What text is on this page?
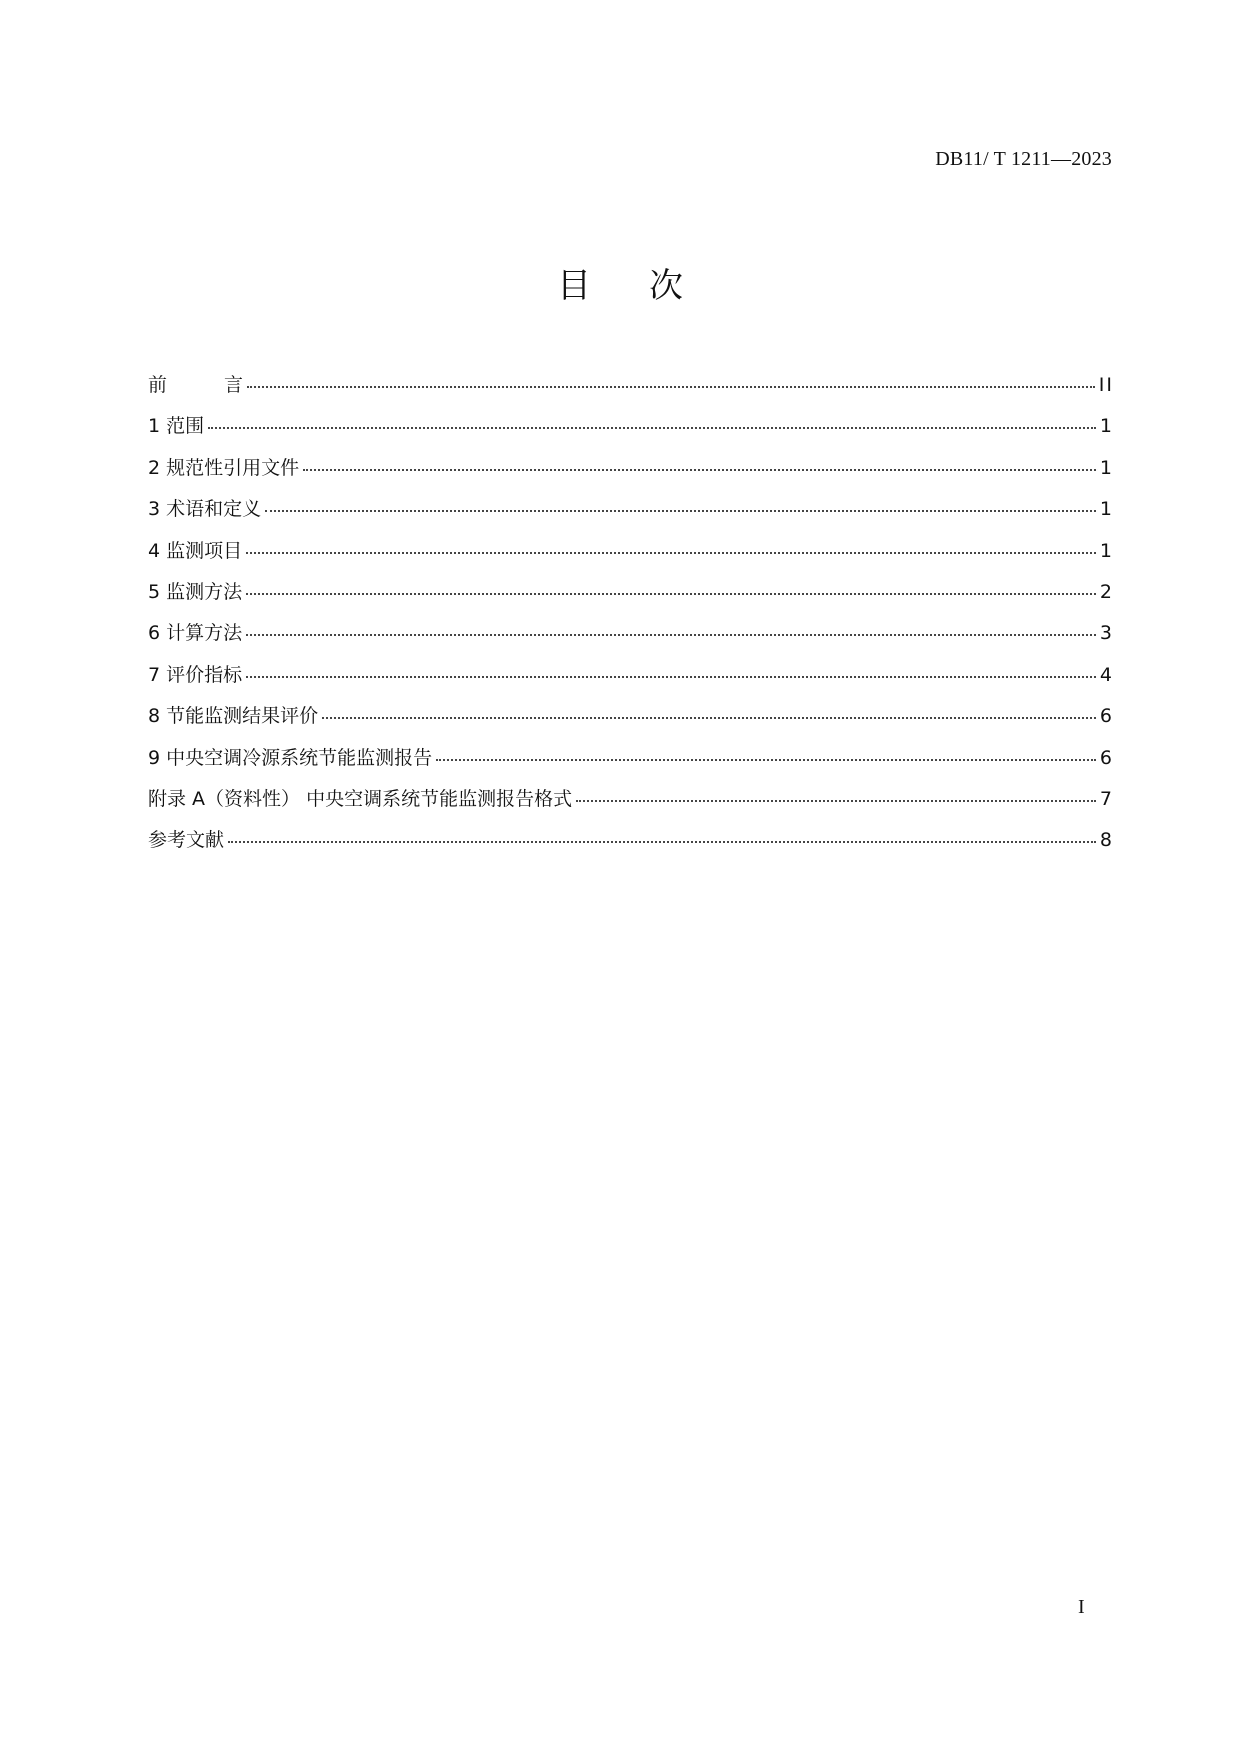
DB11/ T 1211—2023
目 次
前　　　言	II
1 范围	1
2 规范性引用文件	1
3 术语和定义	1
4 监测项目	1
5 监测方法	2
6 计算方法	3
7 评价指标	4
8 节能监测结果评价	6
9 中央空调冷源系统节能监测报告	6
附录 A（资料性） 中央空调系统节能监测报告格式	7
参考文献	8
I
